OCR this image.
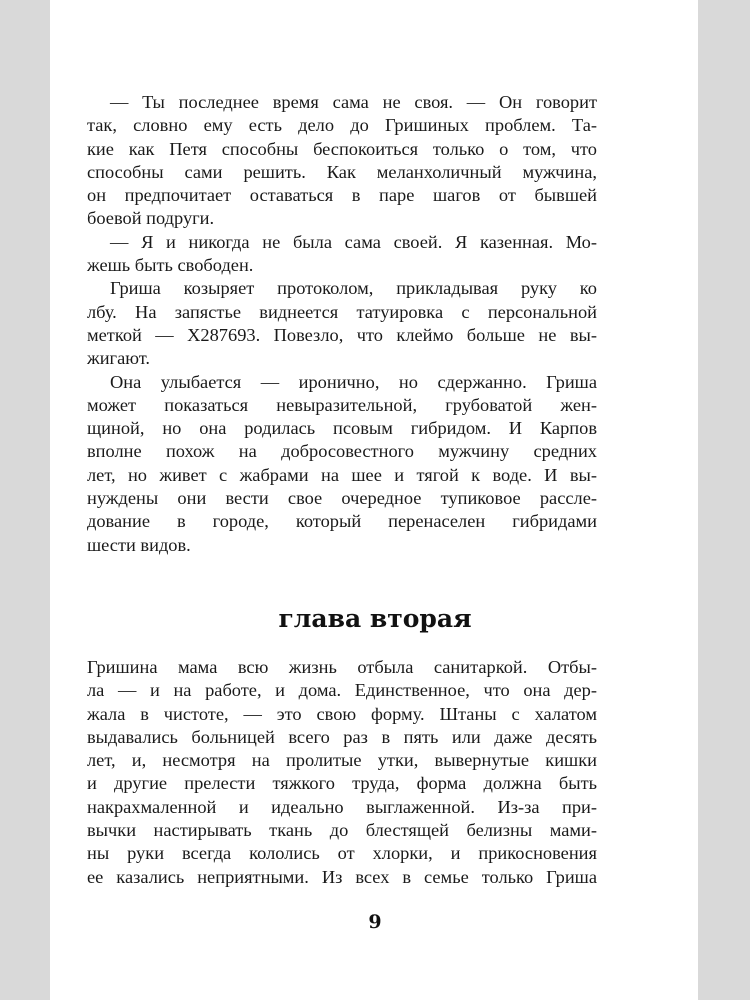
— Ты последнее время сама не своя. — Он говорит
так, словно ему есть дело до Гришиных проблем. Та-
кие как Петя способны беспокоиться только о том, что
способны сами решить. Как меланхоличный мужчина,
он предпочитает оставаться в паре шагов от бывшей
боевой подруги.
— Я и никогда не была сама своей. Я казенная. Мо-
жешь быть свободен.
Гриша козыряет протоколом, прикладывая руку ко
лбу. На запястье виднеется татуировка с персональной
меткой — Х287693. Повезло, что клеймо больше не вы-
жигают.
Она улыбается — иронично, но сдержанно. Гриша
может показаться невыразительной, грубоватой жен-
щиной, но она родилась псовым гибридом. И Карпов
вполне похож на добросовестного мужчину средних
лет, но живет с жабрами на шее и тягой к воде. И вы-
нуждены они вести свое очередное тупиковое рассле-
дование в городе, который перенаселен гибридами
шести видов.
глава вторая
Гришина мама всю жизнь отбыла санитаркой. Отбы-
ла — и на работе, и дома. Единственное, что она дер-
жала в чистоте, — это свою форму. Штаны с халатом
выдавались больницей всего раз в пять или даже десять
лет, и, несмотря на пролитые утки, вывернутые кишки
и другие прелести тяжкого труда, форма должна быть
накрахмаленной и идеально выглаженной. Из-за при-
вычки настирывать ткань до блестящей белизны мами-
ны руки всегда кололись от хлорки, и прикосновения
ее казались неприятными. Из всех в семье только Гриша
9
